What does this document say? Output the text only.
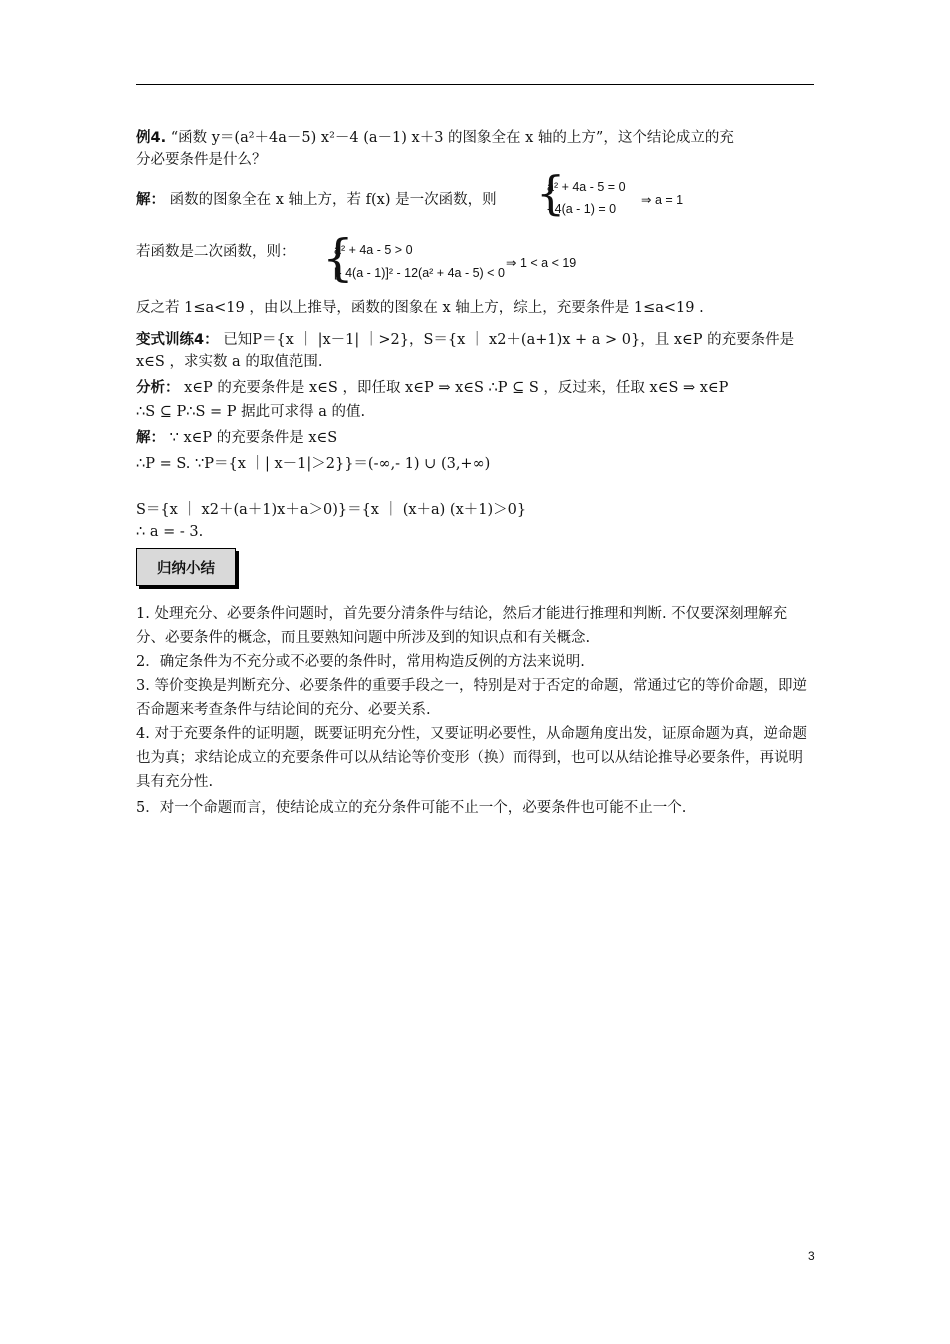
例4. “函数 y＝(a²＋4a－5) x²－4 (a－1) x＋3 的图象全在 x 轴的上方”，这个结论成立的充
分必要条件是什么？
解： 函数的图象全在 x 轴上方，若 f(x) 是一次函数，则 {
a² + 4a - 5 = 0
- 4(a - 1) = 0
⇒ a = 1
若函数是二次函数，则： {
a² + 4a - 5 > 0
[- 4(a - 1)]² - 12(a² + 4a - 5) < 0
⇒ 1 < a < 19
反之若 1≤a<19 ，由以上推导，函数的图象在 x 轴上方，综上，充要条件是 1≤a<19 .
变式训练4： 已知P＝{x ｜ |x－1| ｜>2}，S＝{x ｜ x2＋(a+1)x + a > 0}，且 x∈P 的充要条件是
x∈S ，求实数 a 的取值范围.
分析： x∈P 的充要条件是 x∈S ，即任取 x∈P ⇒ x∈S ∴P ⊆ S ，反过来，任取 x∈S ⇒ x∈P
∴S ⊆ P∴S = P 据此可求得 a 的值.
解： ∵ x∈P 的充要条件是 x∈S
∴P = S. ∵P＝{x ｜| x－1|＞2}}＝(-∞,- 1) ∪ (3,+∞)
S＝{x ｜ x2＋(a＋1)x＋a＞0)}＝{x ｜ (x＋a) (x＋1)＞0}
∴ a = - 3.
归纳小结
1. 处理充分、必要条件问题时，首先要分清条件与结论，然后才能进行推理和判断. 不仅要深刻理解充分、必要条件的概念，而且要熟知问题中所涉及到的知识点和有关概念.
2．确定条件为不充分或不必要的条件时，常用构造反例的方法来说明.
3. 等价变换是判断充分、必要条件的重要手段之一，特别是对于否定的命题，常通过它的等价命题，即逆否命题来考查条件与结论间的充分、必要关系.
4. 对于充要条件的证明题，既要证明充分性，又要证明必要性，从命题角度出发，证原命题为真，逆命题也为真；求结论成立的充要条件可以从结论等价变形（换）而得到，也可以从结论推导必要条件，再说明具有充分性.
5．对一个命题而言，使结论成立的充分条件可能不止一个，必要条件也可能不止一个.
3
